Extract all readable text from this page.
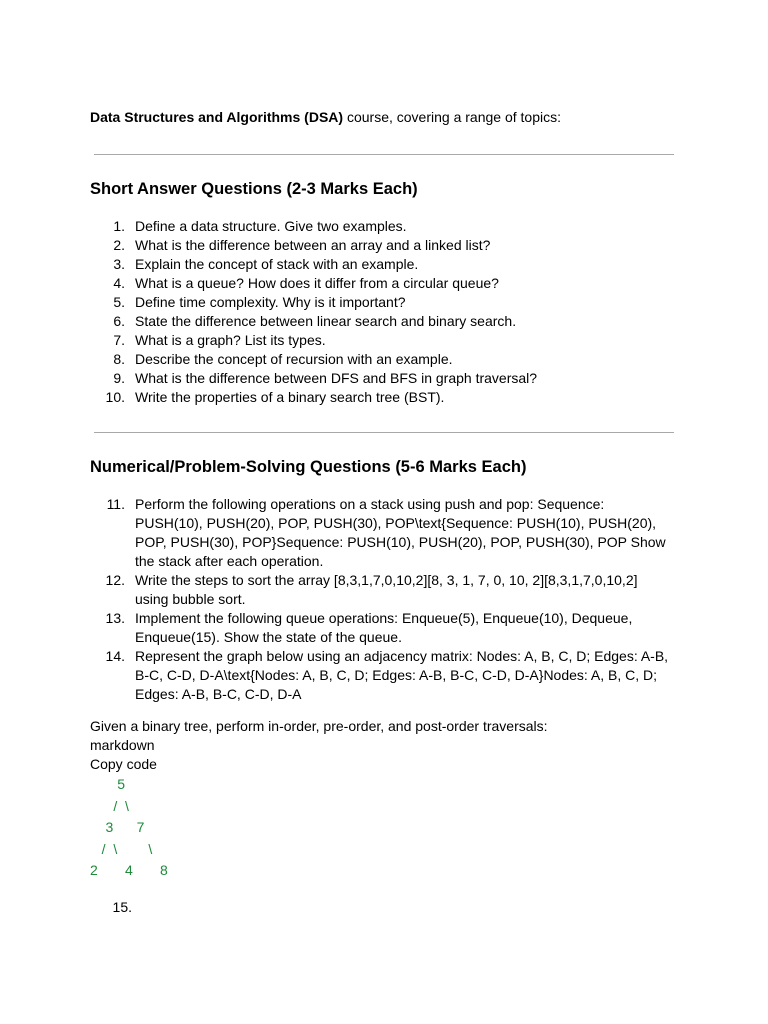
Data Structures and Algorithms (DSA) course, covering a range of topics:

Short Answer Questions (2-3 Marks Each)
1. Define a data structure. Give two examples.
2. What is the difference between an array and a linked list?
3. Explain the concept of stack with an example.
4. What is a queue? How does it differ from a circular queue?
5. Define time complexity. Why is it important?
6. State the difference between linear search and binary search.
7. What is a graph? List its types.
8. Describe the concept of recursion with an example.
9. What is the difference between DFS and BFS in graph traversal?
10. Write the properties of a binary search tree (BST).
Numerical/Problem-Solving Questions (5-6 Marks Each)
11. Perform the following operations on a stack using push and pop: Sequence: PUSH(10), PUSH(20), POP, PUSH(30), POP\text{Sequence: PUSH(10), PUSH(20), POP, PUSH(30), POP}Sequence: PUSH(10), PUSH(20), POP, PUSH(30), POP Show the stack after each operation.
12. Write the steps to sort the array [8,3,1,7,0,10,2][8, 3, 1, 7, 0, 10, 2][8,3,1,7,0,10,2] using bubble sort.
13. Implement the following queue operations: Enqueue(5), Enqueue(10), Dequeue, Enqueue(15). Show the state of the queue.
14. Represent the graph below using an adjacency matrix: Nodes: A, B, C, D; Edges: A-B, B-C, C-D, D-A\text{Nodes: A, B, C, D; Edges: A-B, B-C, C-D, D-A}Nodes: A, B, C, D; Edges: A-B, B-C, C-D, D-A

Given a binary tree, perform in-order, pre-order, and post-order traversals:

markdown

Copy code

5
/  \
3      7
/  \        \
2       4       8
15.
